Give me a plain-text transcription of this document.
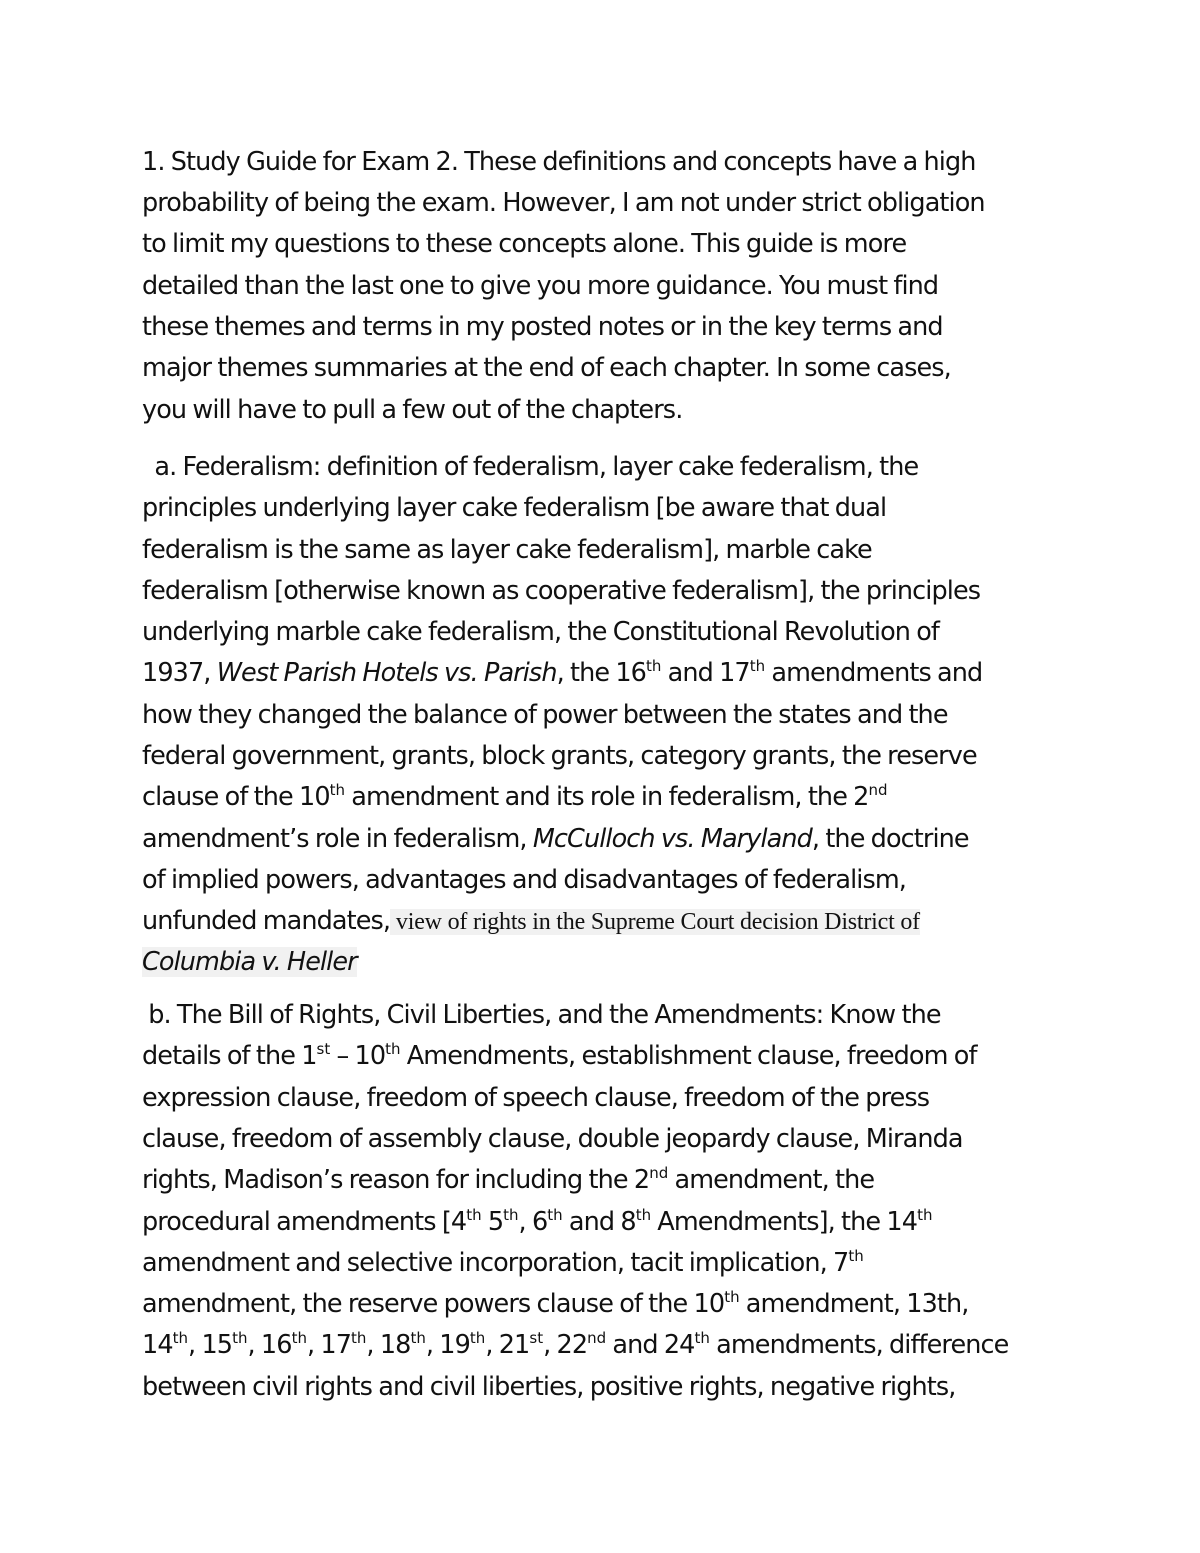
1. Study Guide for Exam 2. These definitions and concepts have a high
probability of being the exam. However, I am not under strict obligation
to limit my questions to these concepts alone. This guide is more
detailed than the last one to give you more guidance. You must find
these themes and terms in my posted notes or in the key terms and
major themes summaries at the end of each chapter. In some cases,
you will have to pull a few out of the chapters.
a. Federalism: definition of federalism, layer cake federalism, the
principles underlying layer cake federalism [be aware that dual
federalism is the same as layer cake federalism], marble cake
federalism [otherwise known as cooperative federalism], the principles
underlying marble cake federalism, the Constitutional Revolution of
1937, West Parish Hotels vs. Parish, the 16th and 17th amendments and
how they changed the balance of power between the states and the
federal government, grants, block grants, category grants, the reserve
clause of the 10th amendment and its role in federalism, the 2nd
amendment’s role in federalism, McCulloch vs. Maryland, the doctrine
of implied powers, advantages and disadvantages of federalism,
unfunded mandates, view of rights in the Supreme Court decision District of
Columbia v. Heller
b. The Bill of Rights, Civil Liberties, and the Amendments: Know the
details of the 1st – 10th Amendments, establishment clause, freedom of
expression clause, freedom of speech clause, freedom of the press
clause, freedom of assembly clause, double jeopardy clause, Miranda
rights, Madison’s reason for including the 2nd amendment, the
procedural amendments [4th 5th, 6th and 8th Amendments], the 14th
amendment and selective incorporation, tacit implication, 7th
amendment, the reserve powers clause of the 10th amendment, 13th,
14th, 15th, 16th, 17th, 18th, 19th, 21st, 22nd and 24th amendments, difference
between civil rights and civil liberties, positive rights, negative rights,
